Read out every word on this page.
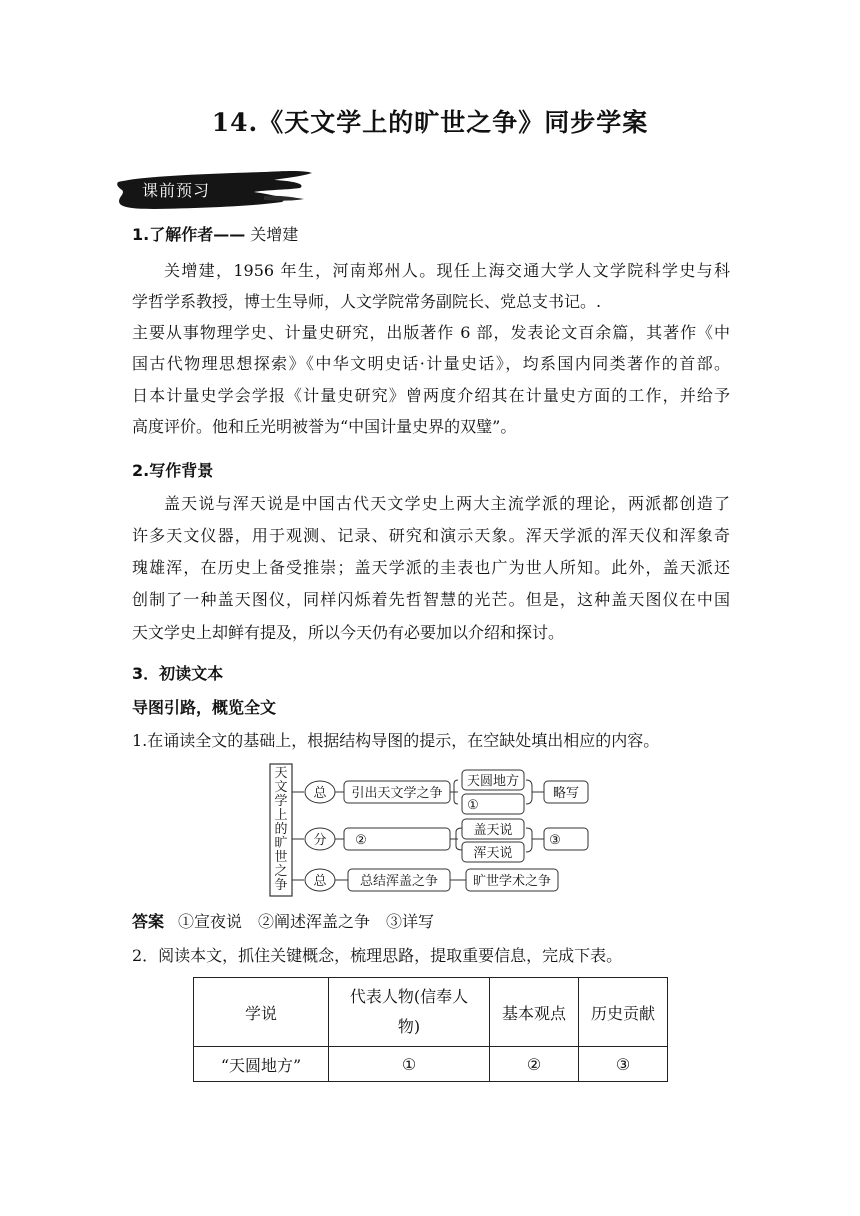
14.《天文学上的旷世之争》同步学案
课前预习
1.了解作者—— 关增建
关增建，1956 年生，河南郑州人。现任上海交通大学人文学院科学史与科
学哲学系教授，博士生导师，人文学院常务副院长、党总支书记。.
主要从事物理学史、计量史研究，出版著作 6 部，发表论文百余篇，其著作《中
国古代物理思想探索》《中华文明史话·计量史话》，均系国内同类著作的首部。
日本计量史学会学报《计量史研究》曾两度介绍其在计量史方面的工作，并给予
高度评价。他和丘光明被誉为“中国计量史界的双璧”。
2.写作背景
盖天说与浑天说是中国古代天文学史上两大主流学派的理论，两派都创造了
许多天文仪器，用于观测、记录、研究和演示天象。浑天学派的浑天仪和浑象奇
瑰雄浑，在历史上备受推崇；盖天学派的圭表也广为世人所知。此外，盖天派还
创制了一种盖天图仪，同样闪烁着先哲智慧的光芒。但是，这种盖天图仪在中国
天文学史上却鲜有提及，所以今天仍有必要加以介绍和探讨。
3．初读文本
导图引路，概览全文
1.在诵读全文的基础上，根据结构导图的提示，在空缺处填出相应的内容。
天
文
学
上
的
旷
世
之
争
总
分
总
引出天文学之争
天圆地方
①
略写
②
盖天说
浑天说
③
总结浑盖之争	旷世学术之争
答案 ①宣夜说　②阐述浑盖之争　③详写
2．阅读本文，抓住关键概念，梳理思路，提取重要信息，完成下表。
学说	代表人物(信奉人
物)	基本观点	历史贡献
“天圆地方”	①	②	③
